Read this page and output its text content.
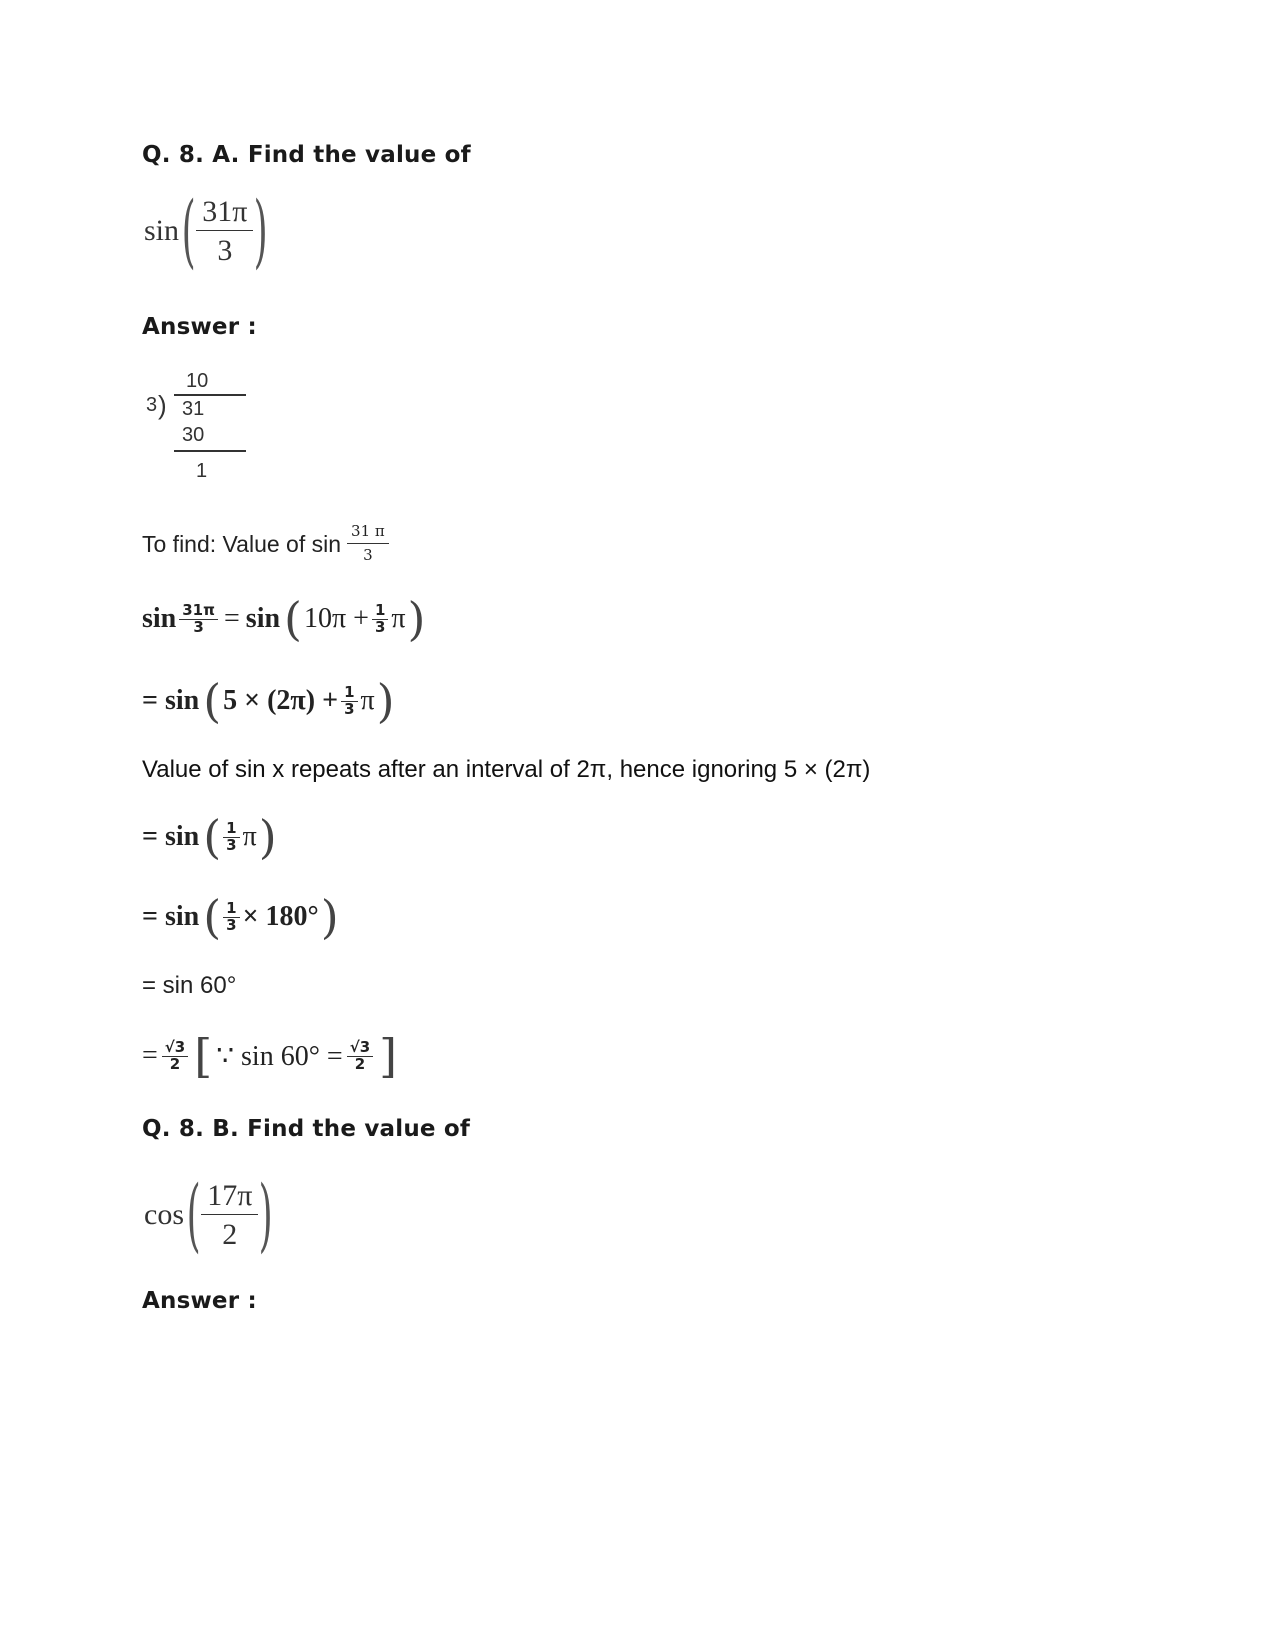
Q. 8. A. Find the value of
sin ( $\frac{31\pi}{3}$ )
Answer :
10
3 ) 31
30
1
To find: Value of $\sin \frac{31 \pi}{3}$
$\sin \frac{31\pi}{3} = \sin$ ( $10\pi + \frac{1}{3}$ π )
= sin ( $5 \times (2\pi) + \frac{1}{3}$ π )
Value of sin x repeats after an interval of 2π, hence ignoring 5 × (2π)
= sin ( $\frac{1}{3}$ π )
= sin ( $\frac{1}{3} \times 180^\circ$ )
= sin 60°
= $\frac{√3}{2}$ [ ∵ $\sin 60^\circ = \frac{√3}{2}$ ]
Q. 8. B. Find the value of
cos ( $\frac{17\pi}{2}$ )
Answer :
